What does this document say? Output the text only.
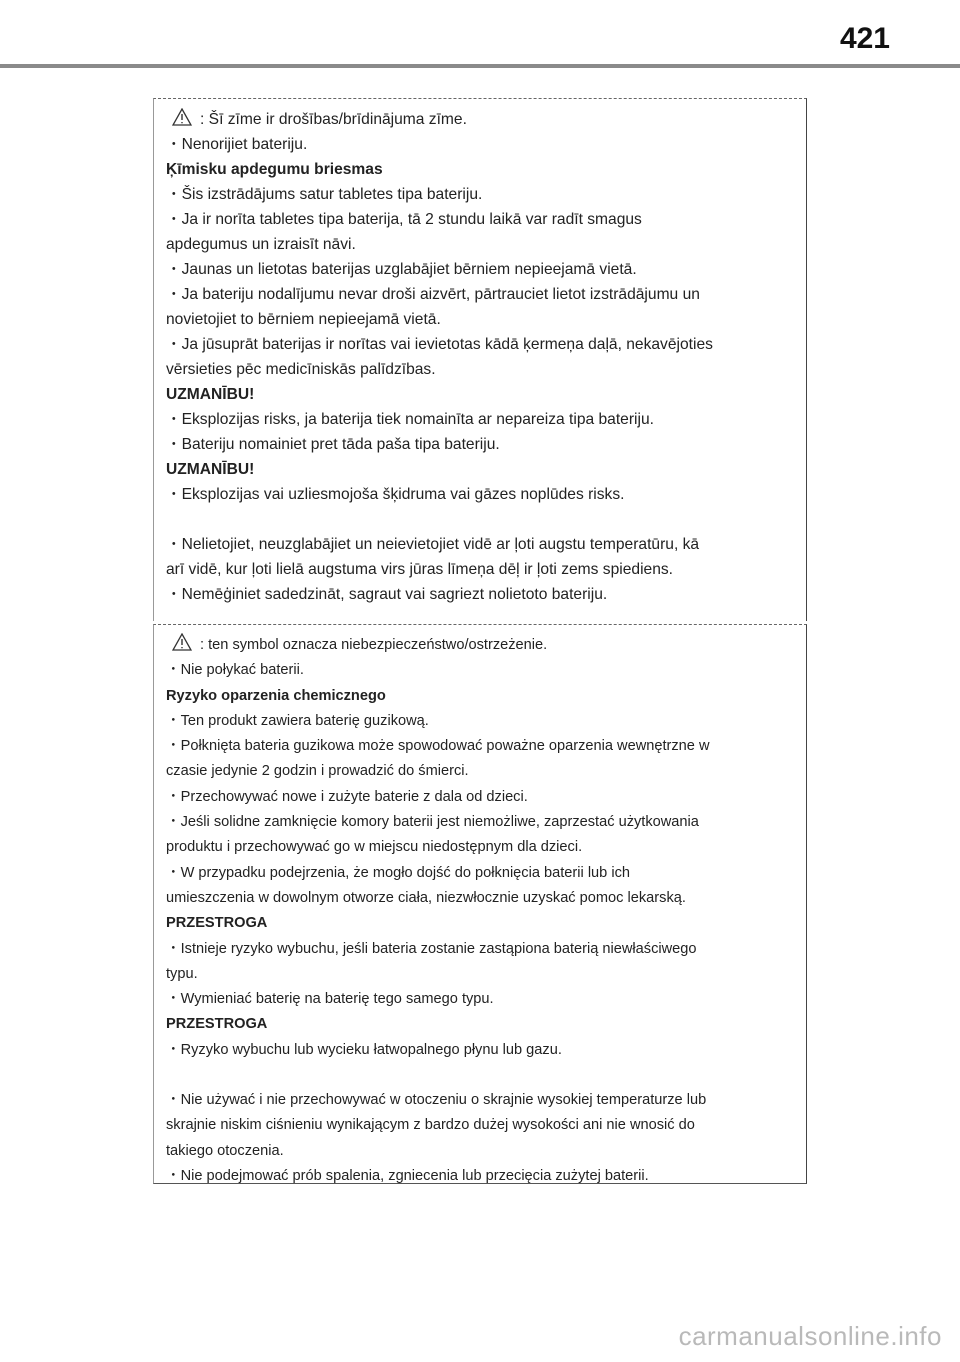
421

: Šī zīme ir drošības/brīdinājuma zīme.

・Nenorijiet bateriju.

Ķīmisku apdegumu briesmas

・Šis izstrādājums satur tabletes tipa bateriju.

・Ja ir norīta tabletes tipa baterija, tā 2 stundu laikā var radīt smagus

apdegumus un izraisīt nāvi.

・Jaunas un lietotas baterijas uzglabājiet bērniem nepieejamā vietā.

・Ja bateriju nodalījumu nevar droši aizvērt, pārtrauciet lietot izstrādājumu un

novietojiet to bērniem nepieejamā vietā.

・Ja jūsuprāt baterijas ir norītas vai ievietotas kādā ķermeņa daļā, nekavējoties

vērsieties pēc medicīniskās palīdzības.

UZMANĪBU!

・Eksplozijas risks, ja baterija tiek nomainīta ar nepareiza tipa bateriju.

・Bateriju nomainiet pret tāda paša tipa bateriju.

UZMANĪBU!

・Eksplozijas vai uzliesmojoša šķidruma vai gāzes noplūdes risks.

・Nelietojiet, neuzglabājiet un neievietojiet vidē ar ļoti augstu temperatūru, kā

arī vidē, kur ļoti lielā augstuma virs jūras līmeņa dēļ ir ļoti zems spiediens.

・Nemēģiniet sadedzināt, sagraut vai sagriezt nolietoto bateriju.

: ten symbol oznacza niebezpieczeństwo/ostrzeżenie.

・Nie połykać baterii.

Ryzyko oparzenia chemicznego

・Ten produkt zawiera baterię guzikową.

・Połknięta bateria guzikowa może spowodować poważne oparzenia wewnętrzne w

czasie jedynie 2 godzin i prowadzić do śmierci.

・Przechowywać nowe i zużyte baterie z dala od dzieci.

・Jeśli solidne zamknięcie komory baterii jest niemożliwe, zaprzestać użytkowania

produktu i przechowywać go w miejscu niedostępnym dla dzieci.

・W przypadku podejrzenia, że mogło dojść do połknięcia baterii lub ich

umieszczenia w dowolnym otworze ciała, niezwłocznie uzyskać pomoc lekarską.

PRZESTROGA

・Istnieje ryzyko wybuchu, jeśli bateria zostanie zastąpiona baterią niewłaściwego

typu.

・Wymieniać baterię na baterię tego samego typu.

PRZESTROGA

・Ryzyko wybuchu lub wycieku łatwopalnego płynu lub gazu.

・Nie używać i nie przechowywać w otoczeniu o skrajnie wysokiej temperaturze lub

skrajnie niskim ciśnieniu wynikającym z bardzo dużej wysokości ani nie wnosić do

takiego otoczenia.

・Nie podejmować prób spalenia, zgniecenia lub przecięcia zużytej baterii.

carmanualsonline.info
